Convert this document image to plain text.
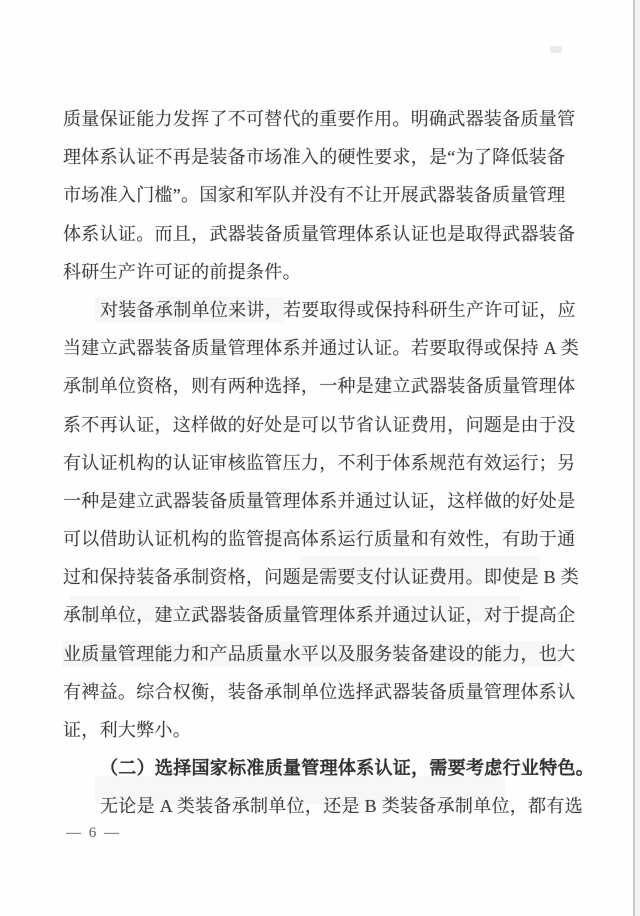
质量保证能力发挥了不可替代的重要作用。明确武器装备质量管
理体系认证不再是装备市场准入的硬性要求，是“为了降低装备
市场准入门槛”。国家和军队并没有不让开展武器装备质量管理
体系认证。而且，武器装备质量管理体系认证也是取得武器装备
科研生产许可证的前提条件。
对装备承制单位来讲，若要取得或保持科研生产许可证，应
当建立武器装备质量管理体系并通过认证。若要取得或保持 A 类
承制单位资格，则有两种选择，一种是建立武器装备质量管理体
系不再认证，这样做的好处是可以节省认证费用，问题是由于没
有认证机构的认证审核监管压力，不利于体系规范有效运行；另
一种是建立武器装备质量管理体系并通过认证，这样做的好处是
可以借助认证机构的监管提高体系运行质量和有效性，有助于通
过和保持装备承制资格，问题是需要支付认证费用。即使是 B 类
承制单位，建立武器装备质量管理体系并通过认证，对于提高企
业质量管理能力和产品质量水平以及服务装备建设的能力，也大
有裨益。综合权衡，装备承制单位选择武器装备质量管理体系认
证，利大弊小。
（二）选择国家标准质量管理体系认证，需要考虑行业特色。
无论是 A 类装备承制单位，还是 B 类装备承制单位，都有选
— 6 —
